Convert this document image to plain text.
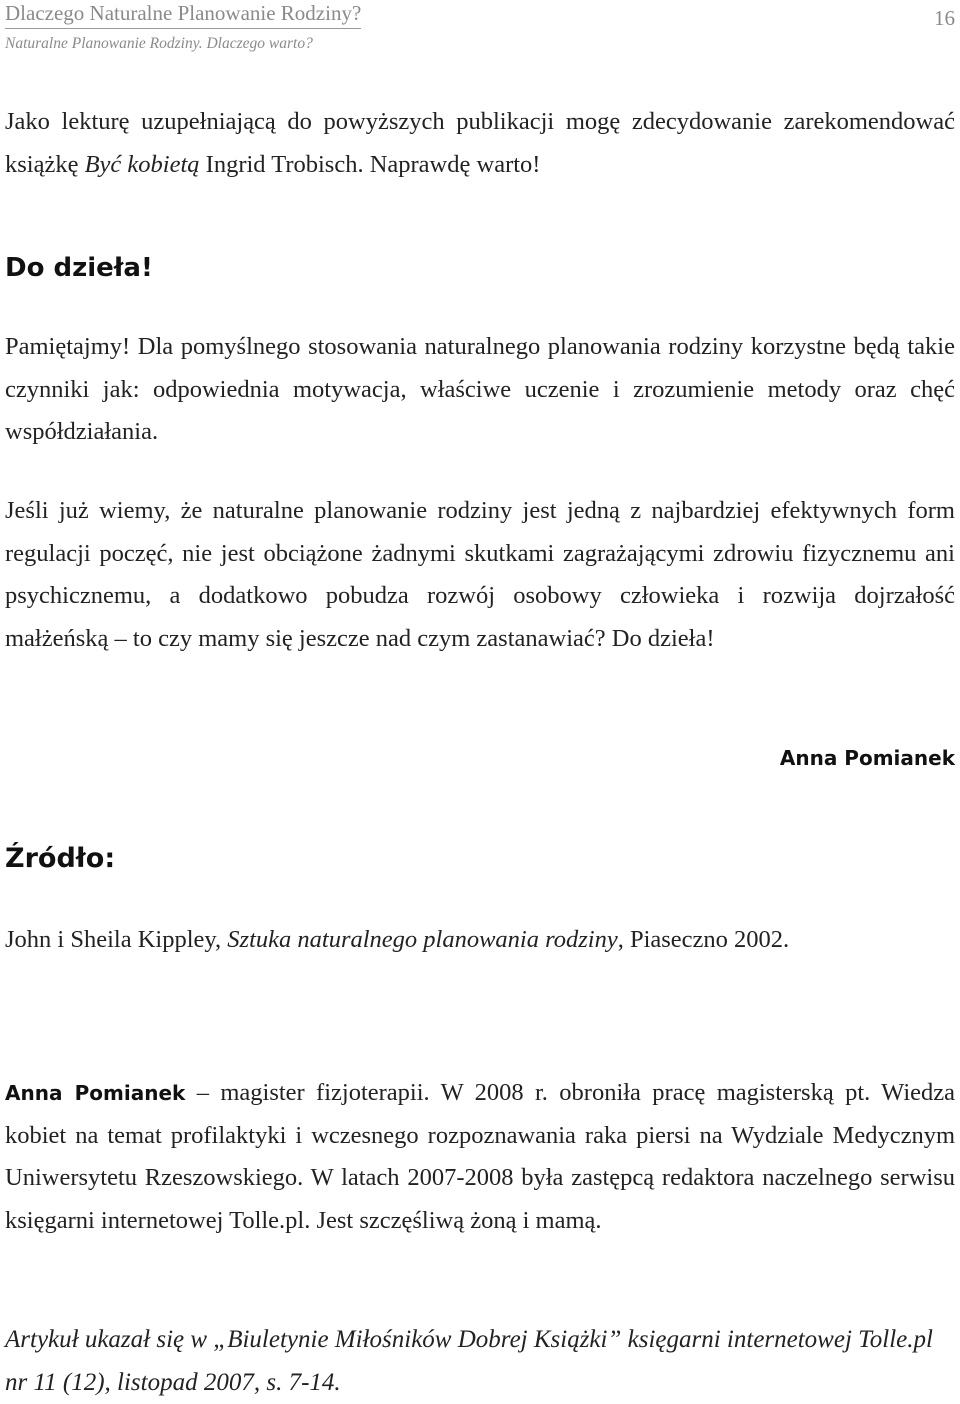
Dlaczego Naturalne Planowanie Rodziny?
Naturalne Planowanie Rodziny. Dlaczego warto?
16

Jako lekturę uzupełniającą do powyższych publikacji mogę zdecydowanie zarekomendować książkę Być kobietą Ingrid Trobisch. Naprawdę warto!

Do dzieła!

Pamiętajmy! Dla pomyślnego stosowania naturalnego planowania rodziny korzystne będą takie czynniki jak: odpowiednia motywacja, właściwe uczenie i zrozumienie metody oraz chęć współdziałania.

Jeśli już wiemy, że naturalne planowanie rodziny jest jedną z najbardziej efektywnych form regulacji poczęć, nie jest obciążone żadnymi skutkami zagrażającymi zdrowiu fizycznemu ani psychicznemu, a dodatkowo pobudza rozwój osobowy człowieka i rozwija dojrzałość małżeńską – to czy mamy się jeszcze nad czym zastanawiać? Do dzieła!

Anna Pomianek
Źródło:

John i Sheila Kippley, Sztuka naturalnego planowania rodziny, Piaseczno 2002.

Anna Pomianek – magister fizjoterapii. W 2008 r. obroniła pracę magisterską pt. Wiedza kobiet na temat profilaktyki i wczesnego rozpoznawania raka piersi na Wydziale Medycznym Uniwersytetu Rzeszowskiego. W latach 2007-2008 była zastępcą redaktora naczelnego serwisu księgarni internetowej Tolle.pl. Jest szczęśliwą żoną i mamą.

Artykuł ukazał się w „Biuletynie Miłośników Dobrej Książki” księgarni internetowej Tolle.pl nr 11 (12), listopad 2007, s. 7-14.
